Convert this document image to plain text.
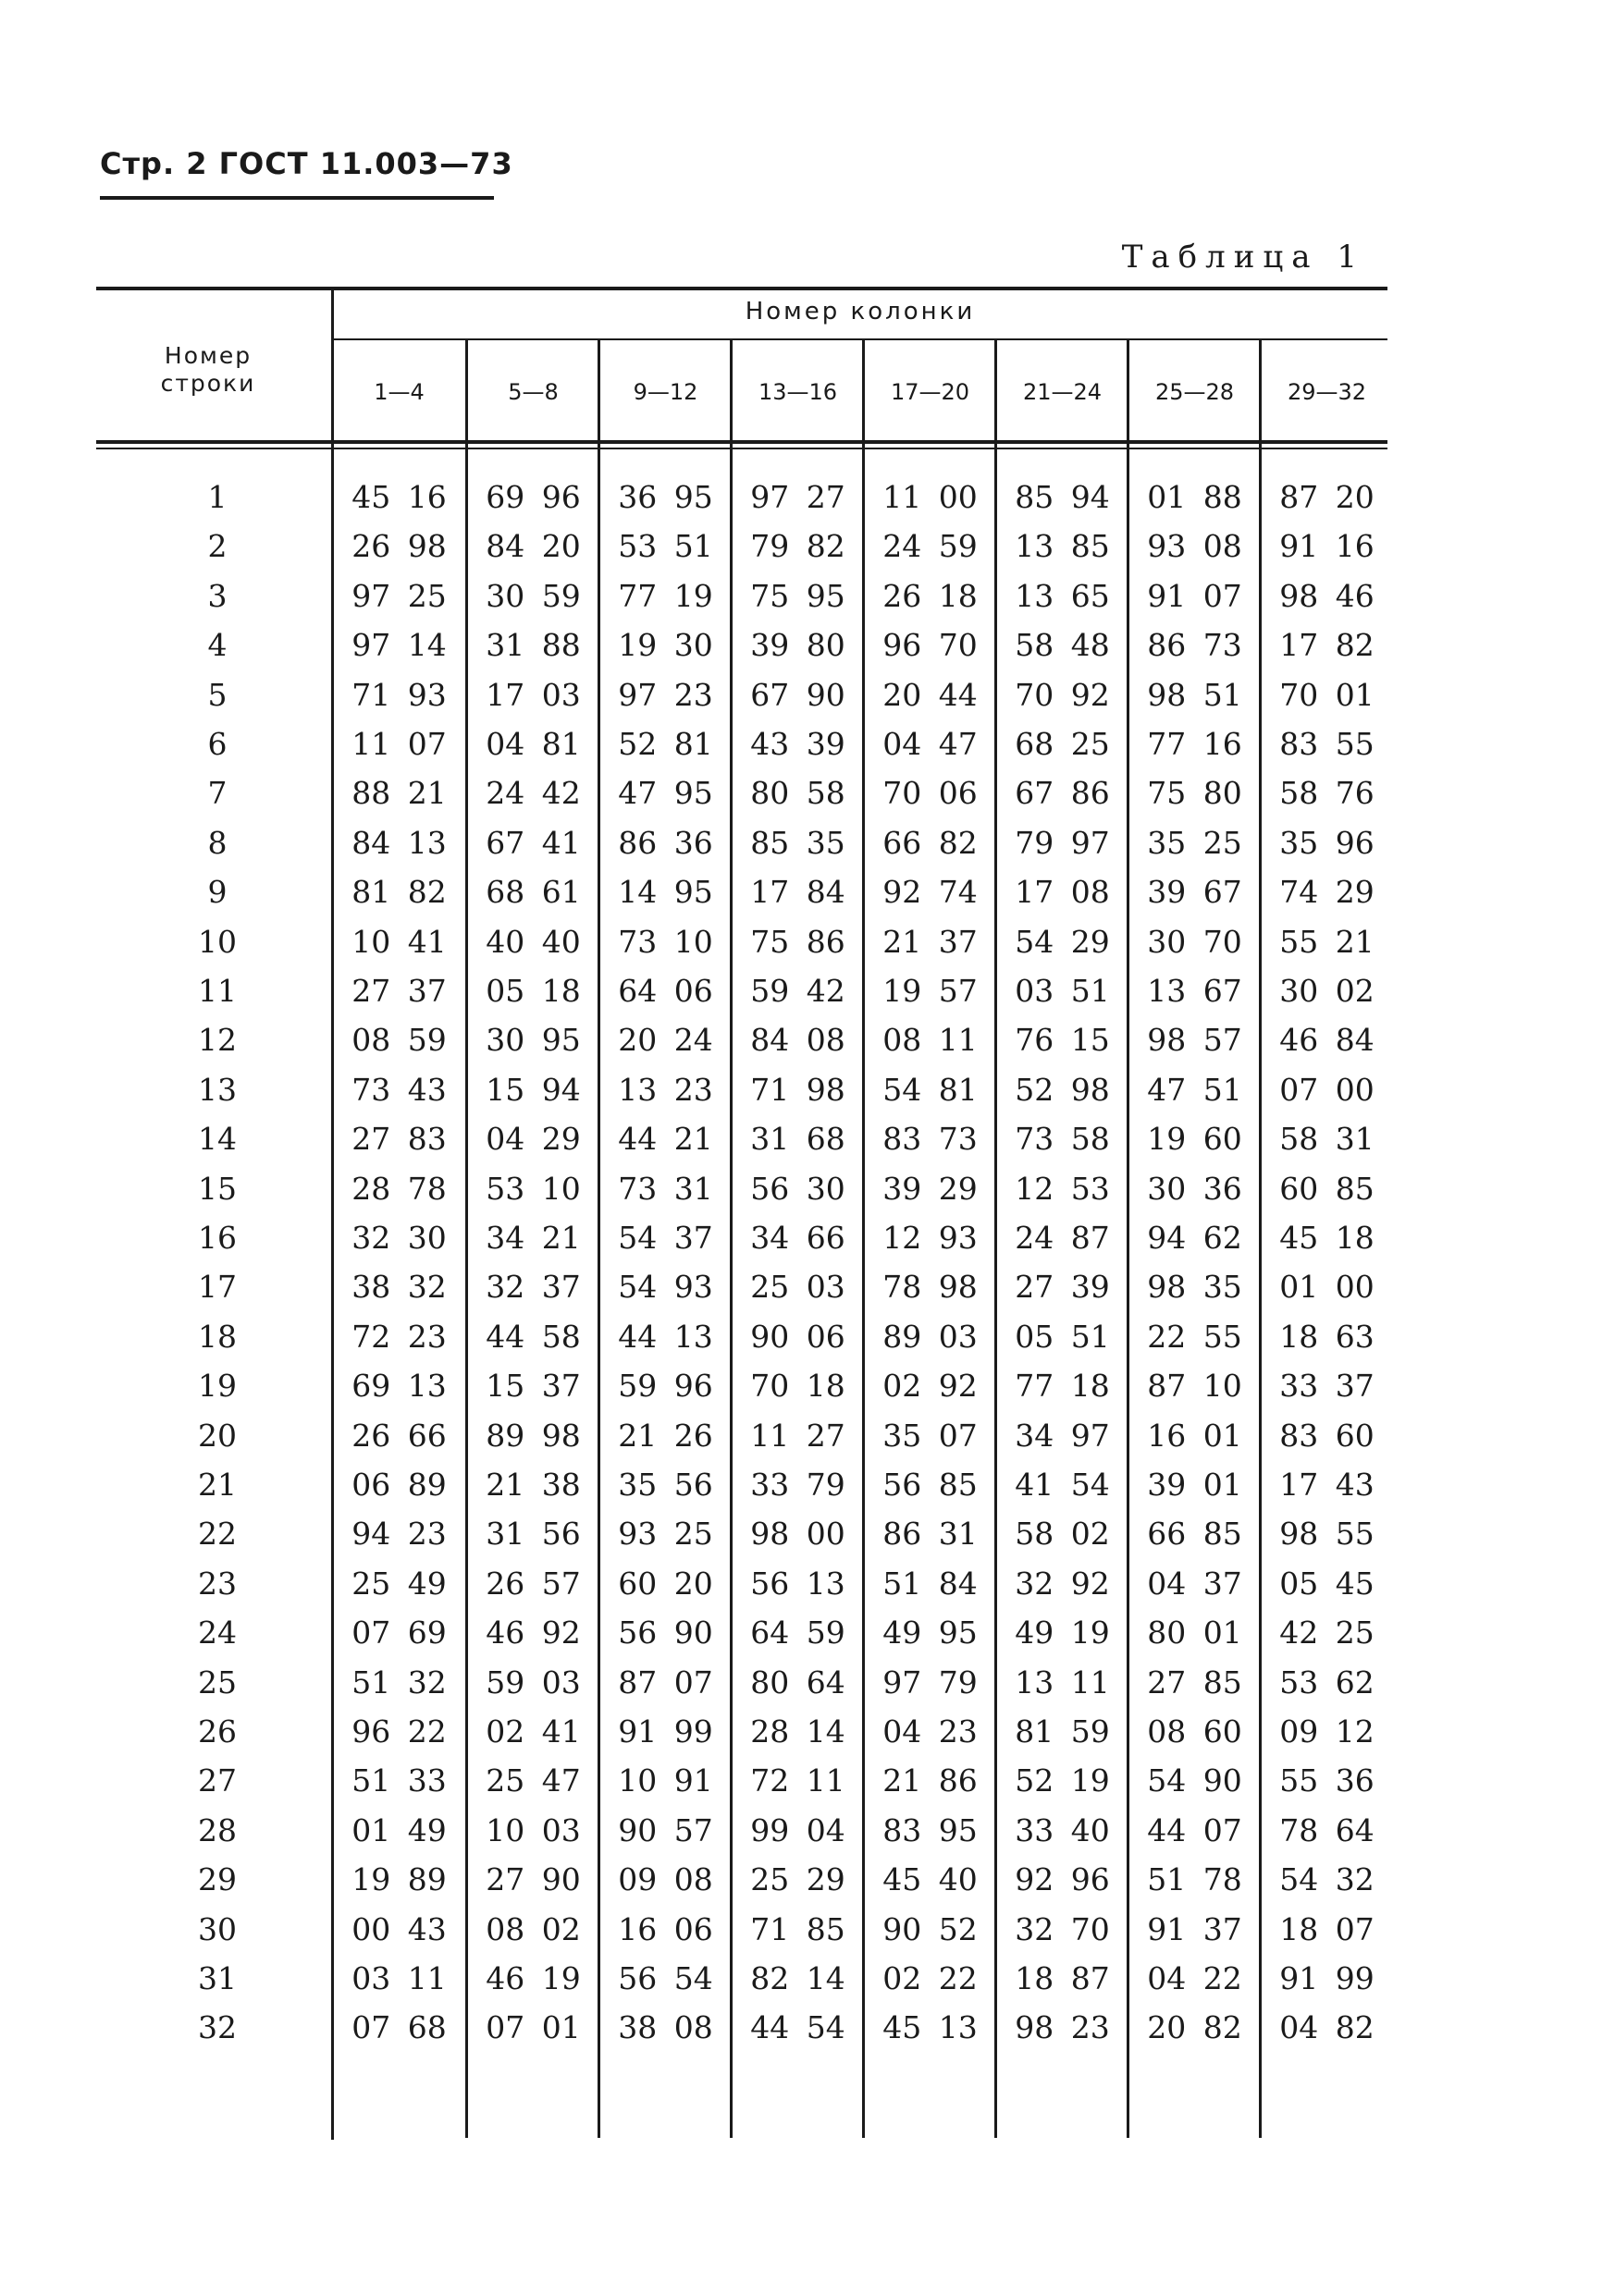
Стр. 2 ГОСТ 11.003—73
Таблица 1
Номер колонки
Номер
строки	1—4	5—8	9—12	13—16	17—20	21—24	25—28	29—32
1	45 16	69 96	36 95	97 27	11 00	85 94	01 88	87 20
2	26 98	84 20	53 51	79 82	24 59	13 85	93 08	91 16
3	97 25	30 59	77 19	75 95	26 18	13 65	91 07	98 46
4	97 14	31 88	19 30	39 80	96 70	58 48	86 73	17 82
5	71 93	17 03	97 23	67 90	20 44	70 92	98 51	70 01
6	11 07	04 81	52 81	43 39	04 47	68 25	77 16	83 55
7	88 21	24 42	47 95	80 58	70 06	67 86	75 80	58 76
8	84 13	67 41	86 36	85 35	66 82	79 97	35 25	35 96
9	81 82	68 61	14 95	17 84	92 74	17 08	39 67	74 29
10	10 41	40 40	73 10	75 86	21 37	54 29	30 70	55 21
11	27 37	05 18	64 06	59 42	19 57	03 51	13 67	30 02
12	08 59	30 95	20 24	84 08	08 11	76 15	98 57	46 84
13	73 43	15 94	13 23	71 98	54 81	52 98	47 51	07 00
14	27 83	04 29	44 21	31 68	83 73	73 58	19 60	58 31
15	28 78	53 10	73 31	56 30	39 29	12 53	30 36	60 85
16	32 30	34 21	54 37	34 66	12 93	24 87	94 62	45 18
17	38 32	32 37	54 93	25 03	78 98	27 39	98 35	01 00
18	72 23	44 58	44 13	90 06	89 03	05 51	22 55	18 63
19	69 13	15 37	59 96	70 18	02 92	77 18	87 10	33 37
20	26 66	89 98	21 26	11 27	35 07	34 97	16 01	83 60
21	06 89	21 38	35 56	33 79	56 85	41 54	39 01	17 43
22	94 23	31 56	93 25	98 00	86 31	58 02	66 85	98 55
23	25 49	26 57	60 20	56 13	51 84	32 92	04 37	05 45
24	07 69	46 92	56 90	64 59	49 95	49 19	80 01	42 25
25	51 32	59 03	87 07	80 64	97 79	13 11	27 85	53 62
26	96 22	02 41	91 99	28 14	04 23	81 59	08 60	09 12
27	51 33	25 47	10 91	72 11	21 86	52 19	54 90	55 36
28	01 49	10 03	90 57	99 04	83 95	33 40	44 07	78 64
29	19 89	27 90	09 08	25 29	45 40	92 96	51 78	54 32
30	00 43	08 02	16 06	71 85	90 52	32 70	91 37	18 07
31	03 11	46 19	56 54	82 14	02 22	18 87	04 22	91 99
32	07 68	07 01	38 08	44 54	45 13	98 23	20 82	04 82
